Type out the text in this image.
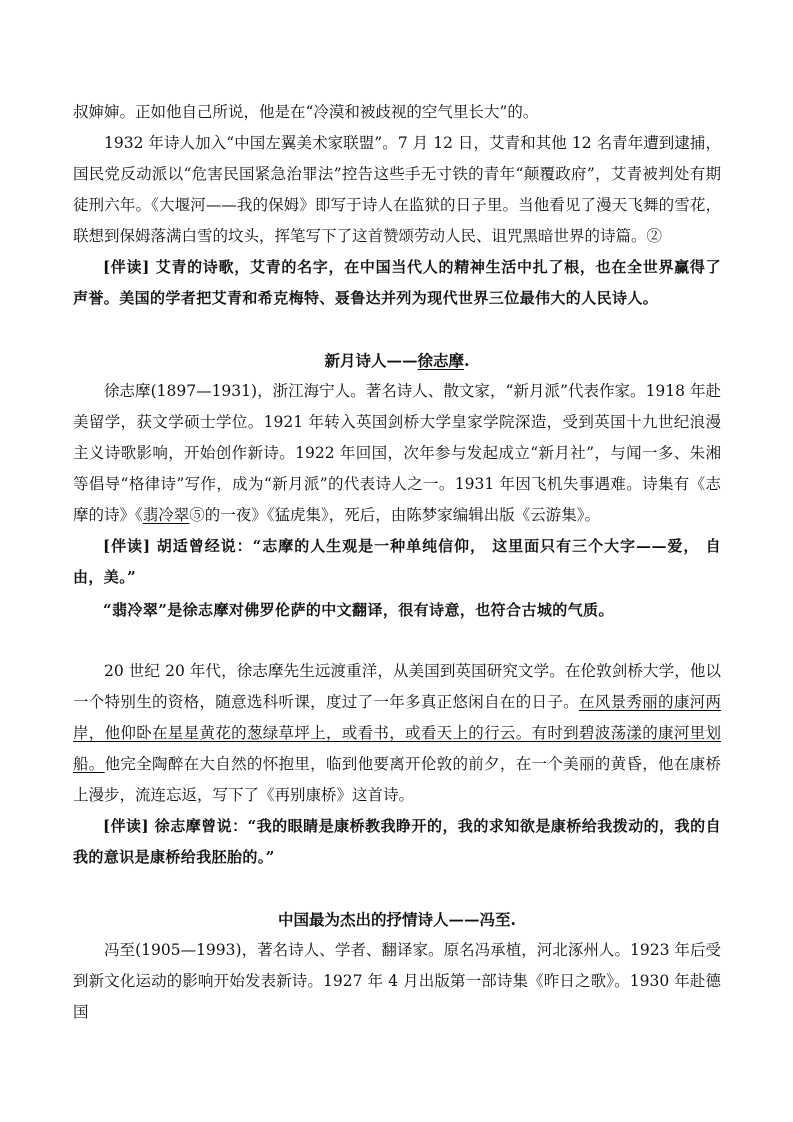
叔婶婶。正如他自己所说，他是在“冷漠和被歧视的空气里长大”的。

1932 年诗人加入“中国左翼美术家联盟”。7 月 12 日，艾青和其他 12 名青年遭到逮捕，国民党反动派以“危害民国紧急治罪法”控告这些手无寸铁的青年“颠覆政府”，艾青被判处有期徒刑六年。《大堰河——我的保姆》即写于诗人在监狱的日子里。当他看见了漫天飞舞的雪花，联想到保姆落满白雪的坟头，挥笔写下了这首赞颂劳动人民、诅咒黑暗世界的诗篇。②

[伴读] 艾青的诗歌，艾青的名字，在中国当代人的精神生活中扎了根，也在全世界赢得了声誉。美国的学者把艾青和希克梅特、聂鲁达并列为现代世界三位最伟大的人民诗人。

新月诗人——徐志摩.

徐志摩(1897—1931)，浙江海宁人。著名诗人、散文家，“新月派”代表作家。1918 年赴美留学，获文学硕士学位。1921 年转入英国剑桥大学皇家学院深造，受到英国十九世纪浪漫主义诗歌影响，开始创作新诗。1922 年回国，次年参与发起成立“新月社”，与闻一多、朱湘等倡导“格律诗”写作，成为“新月派”的代表诗人之一。1931 年因飞机失事遇难。诗集有《志摩的诗》《翡冷翠⑤的一夜》《猛虎集》，死后，由陈梦家编辑出版《云游集》。

[伴读] 胡适曾经说：“志摩的人生观是一种单纯信仰， 这里面只有三个大字——爱， 自由，美。”

“翡冷翠”是徐志摩对佛罗伦萨的中文翻译，很有诗意，也符合古城的气质。

20 世纪 20 年代，徐志摩先生远渡重洋，从美国到英国研究文学。在伦敦剑桥大学，他以一个特别生的资格，随意选科听课，度过了一年多真正悠闲自在的日子。在风景秀丽的康河两岸，他仰卧在星星黄花的葱绿草坪上，或看书，或看天上的行云。有时到碧波荡漾的康河里划船。他完全陶醉在大自然的怀抱里，临到他要离开伦敦的前夕，在一个美丽的黄昏，他在康桥上漫步，流连忘返，写下了《再别康桥》这首诗。

[伴读] 徐志摩曾说：“我的眼睛是康桥教我睁开的，我的求知欲是康桥给我拨动的，我的自我的意识是康桥给我胚胎的。”

中国最为杰出的抒情诗人——冯至.

冯至(1905—1993)，著名诗人、学者、翻译家。原名冯承植，河北涿州人。1923 年后受到新文化运动的影响开始发表新诗。1927 年 4 月出版第一部诗集《昨日之歌》。1930 年赴德国
